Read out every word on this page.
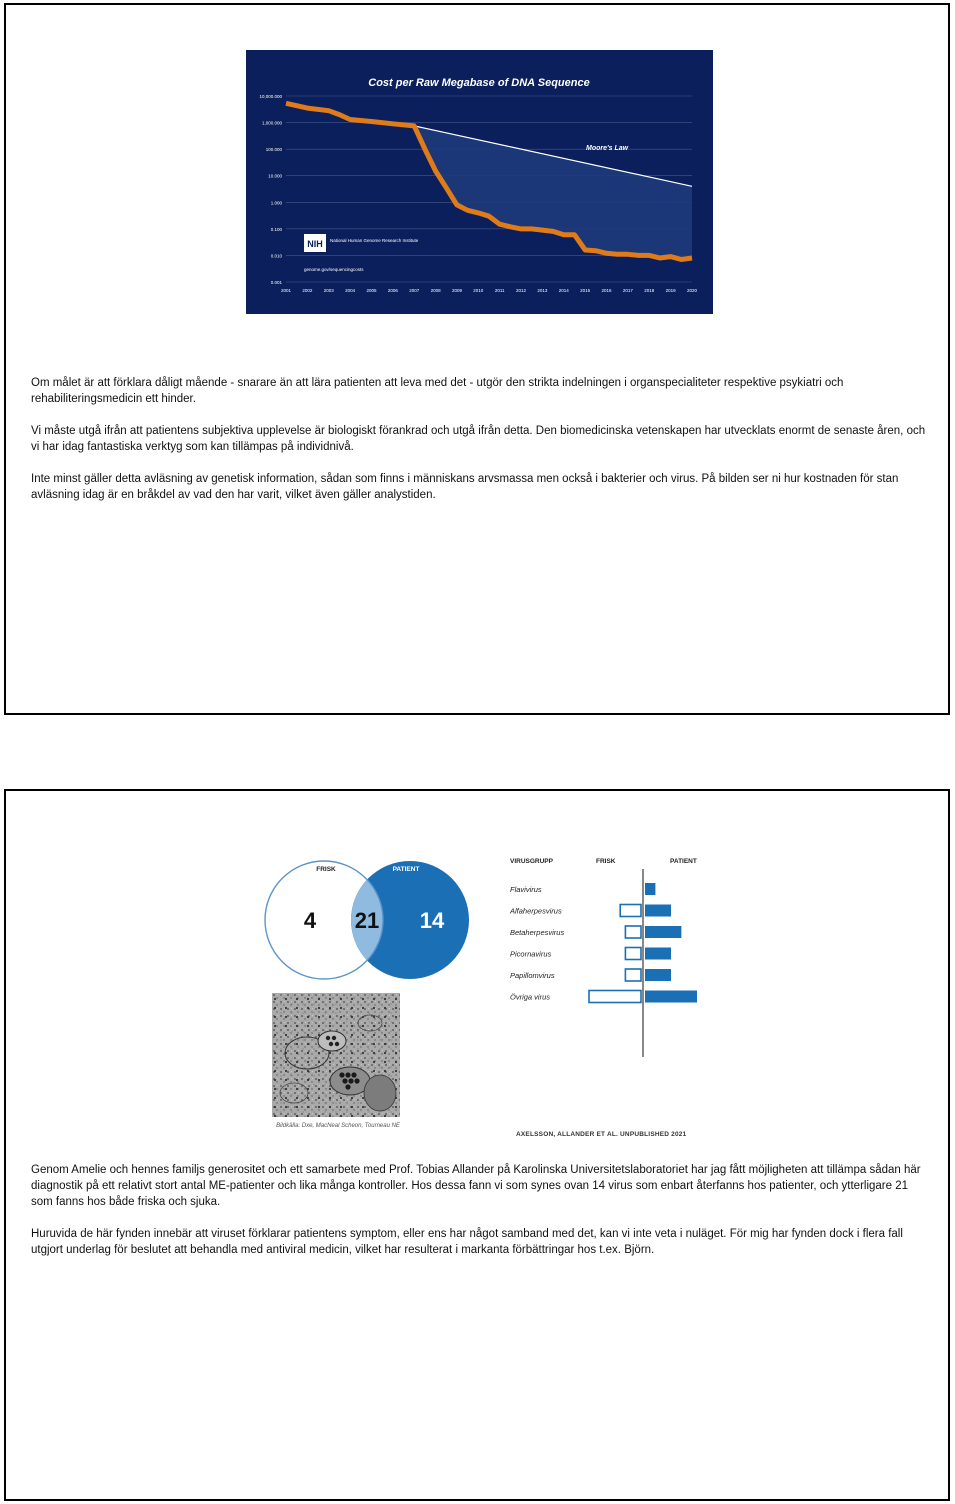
Cost per Raw Megabase of DNA Sequence
Moore's Law
NIH National Human Genome Research Institute
genome.gov/sequencingcosts
10,000.000
1,000.000
100.000
10.000
1.000
0.100
0.010
0.001
2001	2002	2003	2004	2005	2006	2007	2008	2009	2010	2011	2012	2013	2014	2015	2016	2017	2018	2019	2020

Om målet är att förklara dåligt mående - snarare än att lära patienten att leva med det - utgör den strikta indelningen i organspecialiteter respektive psykiatri och rehabiliteringsmedicin ett hinder.

Vi måste utgå ifrån att patientens subjektiva upplevelse är biologiskt förankrad och utgå ifrån detta. Den biomedicinska vetenskapen har utvecklats enormt de senaste åren, och vi har idag fantastiska verktyg som kan tillämpas på individnivå.

Inte minst gäller detta avläsning av genetisk information, sådan som finns i människans arvsmassa men också i bakterier och virus. På bilden ser ni hur kostnaden för stan avläsning idag är en bråkdel av vad den har varit, vilket även gäller analystiden.

FRISK	PATIENT
4 21 14
Bildkälla: Dxe, MacNeal Scheon, Tourneau NE
VIRUSGRUPP	FRISK	PATIENT
Flavivirus
Alfaherpesvirus
Betaherpesvirus
Picornavirus
Papillomvirus
Övriga virus
AXELSSON, ALLANDER ET AL. UNPUBLISHED 2021

Genom Amelie och hennes familjs generositet och ett samarbete med Prof. Tobias Allander på Karolinska Universitetslaboratoriet har jag fått möjligheten att tillämpa sådan här diagnostik på ett relativt stort antal ME-patienter och lika många kontroller. Hos dessa fann vi som synes ovan 14 virus som enbart återfanns hos patienter, och ytterligare 21 som fanns hos både friska och sjuka.

Huruvida de här fynden innebär att viruset förklarar patientens symptom, eller ens har något samband med det, kan vi inte veta i nuläget. För mig har fynden dock i flera fall utgjort underlag för beslutet att behandla med antiviral medicin, vilket har resulterat i markanta förbättringar hos t.ex. Björn.
